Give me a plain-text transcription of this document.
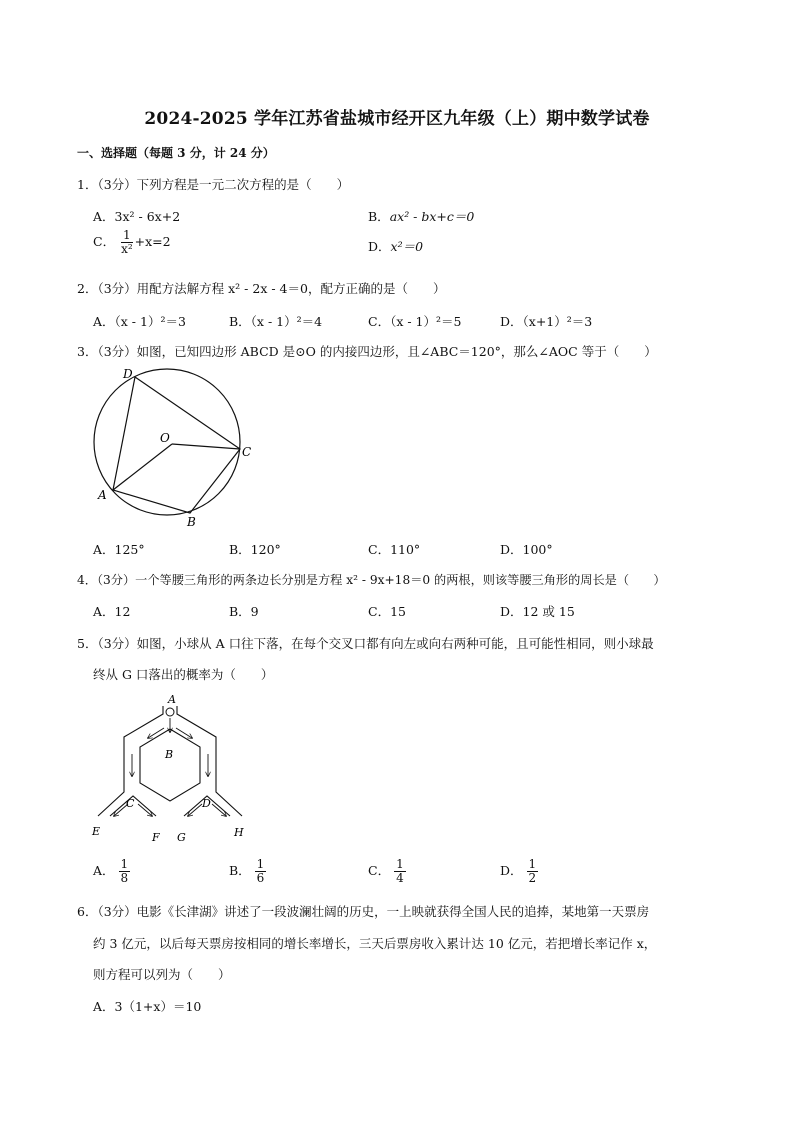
2024-2025 学年江苏省盐城市经开区九年级（上）期中数学试卷
一、选择题（每题 3 分，计 24 分）
1．（3分）下列方程是一元二次方程的是（　　）
A．3x² - 6x+2	B．ax² - bx+c＝0
C． $\frac{1}{\text{x²}} +x=2$	D．x²＝0
2．（3分）用配方法解方程 x² - 2x - 4＝0，配方正确的是（　　）
A．（x - 1）²＝3	B．（x - 1）²＝4	C．（x - 1）²＝5	D．（x+1）²＝3
3．（3分）如图，已知四边形 ABCD 是⊙O 的内接四边形，且∠ABC＝120°，那么∠AOC 等于（　　）
D
O
C
A
B
A．125°	B．120°	C．110°	D．100°
4．（3分）一个等腰三角形的两条边长分别是方程 x² - 9x+18＝0 的两根，则该等腰三角形的周长是（　　）
A．12	B．9	C．15	D．12 或 15
5．（3分）如图，小球从 A 口往下落，在每个交叉口都有向左或向右两种可能，且可能性相同，则小球最
终从 G 口落出的概率为（　　）
A
B
C	D
E	F G	H
A． $\frac{1}{8}$	B． $\frac{1}{6}$	C． $\frac{1}{4}$	D． $\frac{1}{2}$
6．（3分）电影《长津湖》讲述了一段波澜壮阔的历史，一上映就获得全国人民的追捧，某地第一天票房
约 3 亿元，以后每天票房按相同的增长率增长，三天后票房收入累计达 10 亿元，若把增长率记作 x，
则方程可以列为（　　）
A．3（1+x）＝10
